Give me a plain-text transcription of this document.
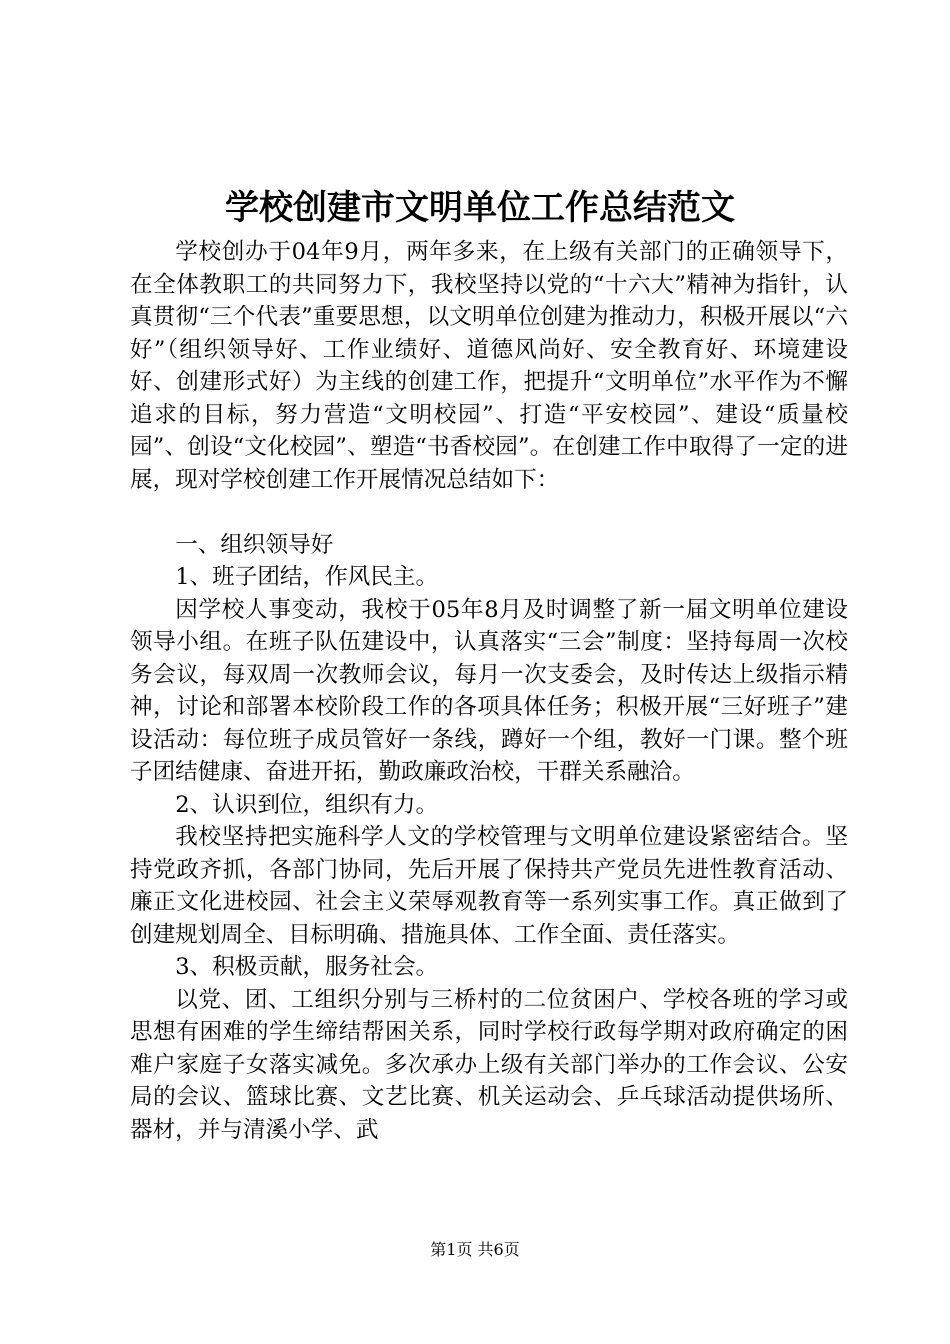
学校创建市文明单位工作总结范文

学校创办于04年9月，两年多来，在上级有关部门的正确领导下，在全体教职工的共同努力下，我校坚持以党的“十六大”精神为指针，认真贯彻“三个代表”重要思想，以文明单位创建为推动力，积极开展以“六好”（组织领导好、工作业绩好、道德风尚好、安全教育好、环境建设好、创建形式好）为主线的创建工作，把提升“文明单位”水平作为不懈追求的目标，努力营造“文明校园”、打造“平安校园”、建设“质量校园”、创设“文化校园”、塑造“书香校园”。在创建工作中取得了一定的进展，现对学校创建工作开展情况总结如下：

一、组织领导好

1、班子团结，作风民主。

因学校人事变动，我校于05年8月及时调整了新一届文明单位建设领导小组。在班子队伍建设中，认真落实“三会”制度：坚持每周一次校务会议，每双周一次教师会议，每月一次支委会，及时传达上级指示精神，讨论和部署本校阶段工作的各项具体任务；积极开展“三好班子”建设活动：每位班子成员管好一条线，蹲好一个组，教好一门课。整个班子团结健康、奋进开拓，勤政廉政治校，干群关系融洽。

2、认识到位，组织有力。

我校坚持把实施科学人文的学校管理与文明单位建设紧密结合。坚持党政齐抓，各部门协同，先后开展了保持共产党员先进性教育活动、廉正文化进校园、社会主义荣辱观教育等一系列实事工作。真正做到了创建规划周全、目标明确、措施具体、工作全面、责任落实。

3、积极贡献，服务社会。

以党、团、工组织分别与三桥村的二位贫困户、学校各班的学习或思想有困难的学生缔结帮困关系，同时学校行政每学期对政府确定的困难户家庭子女落实减免。多次承办上级有关部门举办的工作会议、公安局的会议、篮球比赛、文艺比赛、机关运动会、乒乓球活动提供场所、器材，并与清溪小学、武

第1页 共6页
